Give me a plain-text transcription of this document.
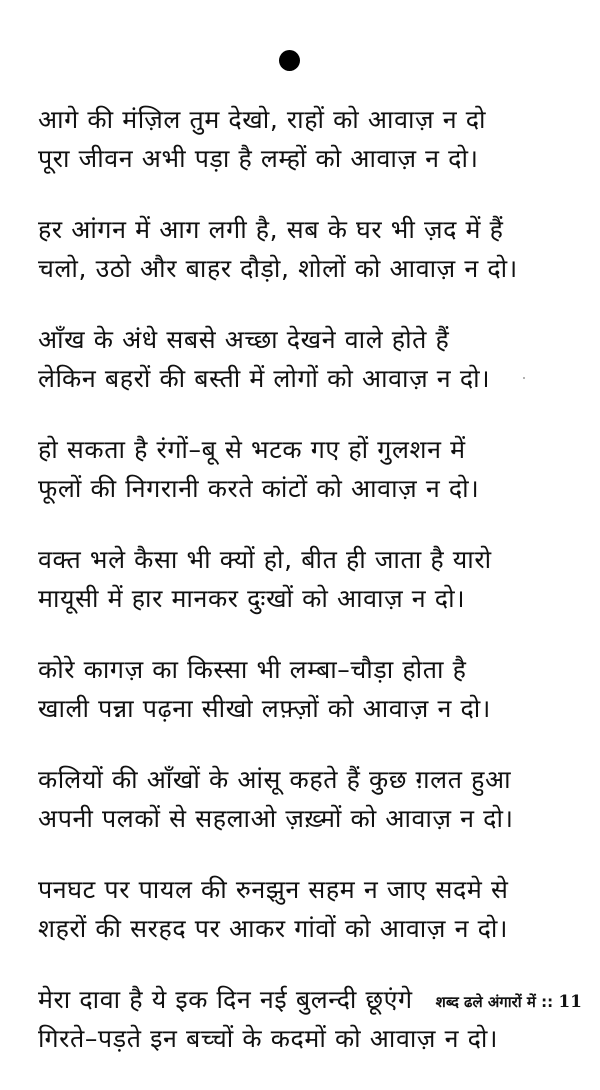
आगे की मंज़िल तुम देखो, राहों को आवाज़ न दो
पूरा जीवन अभी पड़ा है लम्हों को आवाज़ न दो।
हर आंगन में आग लगी है, सब के घर भी ज़द में हैं
चलो, उठो और बाहर दौड़ो, शोलों को आवाज़ न दो।
आँख के अंधे सबसे अच्छा देखने वाले होते हैं
लेकिन बहरों की बस्ती में लोगों को आवाज़ न दो।
हो सकता है रंगों–बू से भटक गए हों गुलशन में
फूलों की निगरानी करते कांटों को आवाज़ न दो।
वक्त भले कैसा भी क्यों हो, बीत ही जाता है यारो
मायूसी में हार मानकर दुःखों को आवाज़ न दो।
कोरे कागज़ का किस्सा भी लम्बा–चौड़ा होता है
खाली पन्ना पढ़ना सीखो लफ़्ज़ों को आवाज़ न दो।
कलियों की आँखों के आंसू कहते हैं कुछ ग़लत हुआ
अपनी पलकों से सहलाओ ज़ख़्मों को आवाज़ न दो।
पनघट पर पायल की रुनझुन सहम न जाए सदमे से
शहरों की सरहद पर आकर गांवों को आवाज़ न दो।
मेरा दावा है ये इक दिन नई बुलन्दी छूएंगे
गिरते–पड़ते इन बच्चों के कदमों को आवाज़ न दो।
शब्द ढले अंगारों में :: 11
